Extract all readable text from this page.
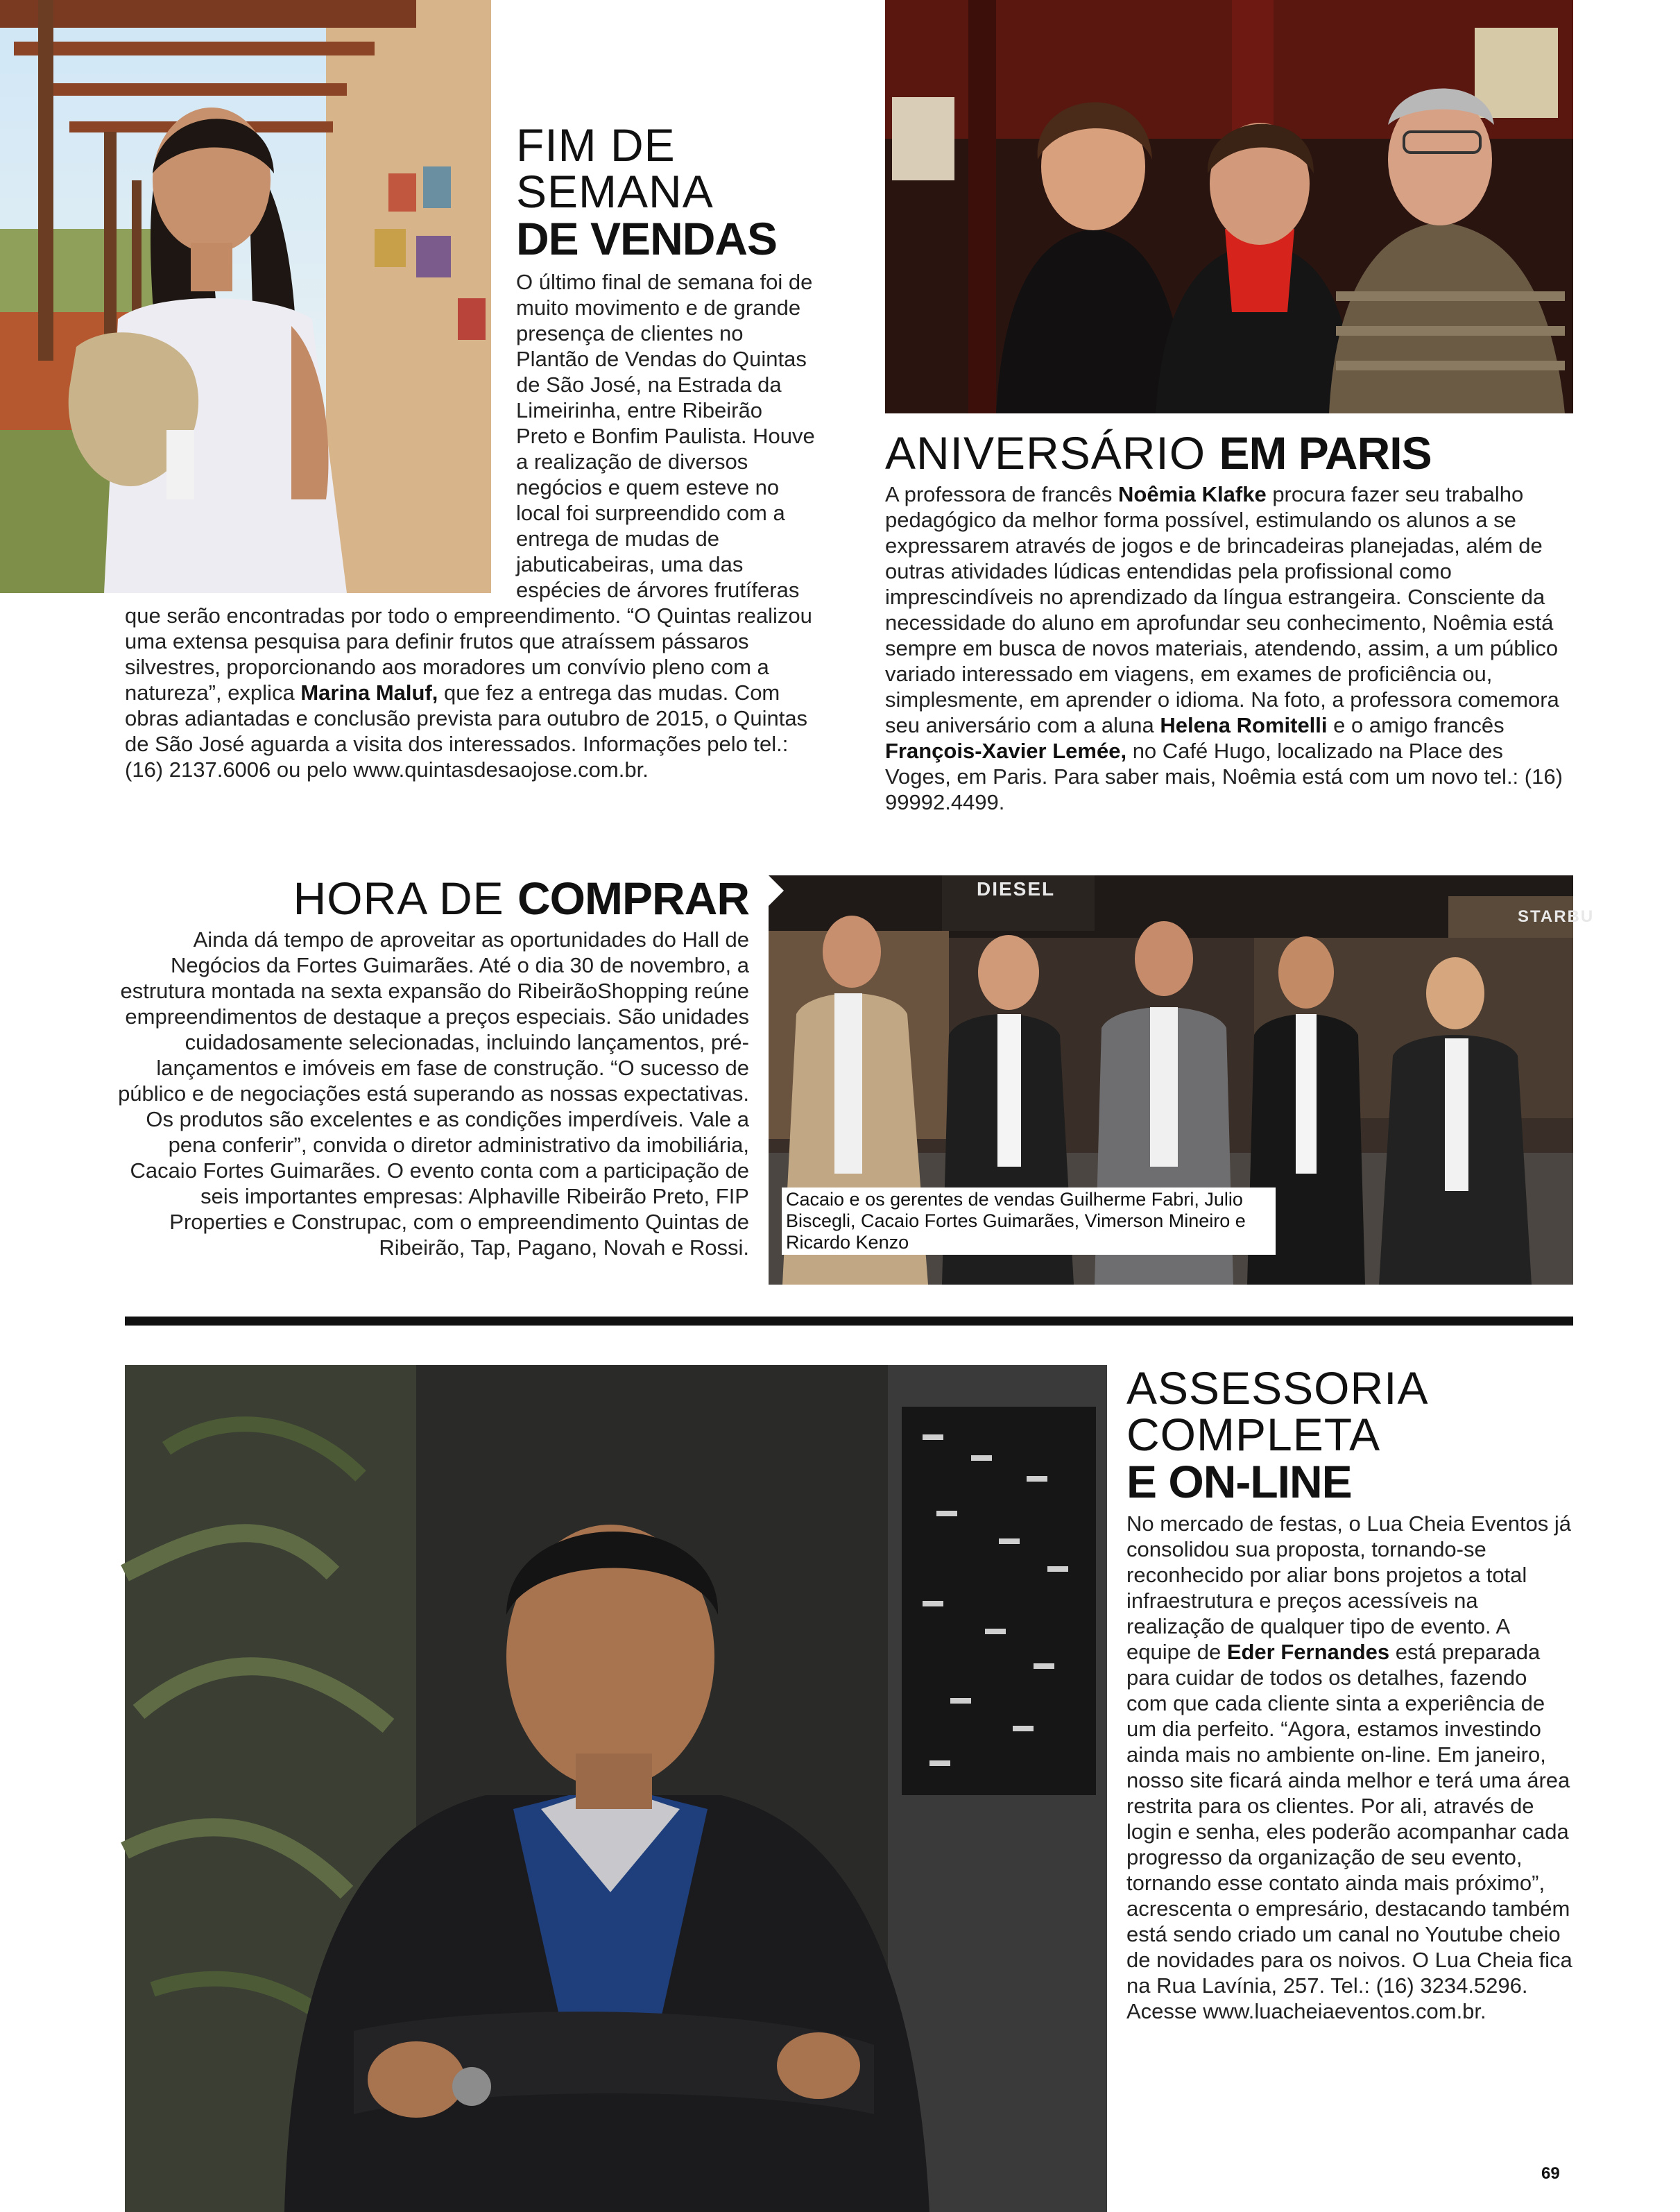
FIM DE
SEMANA
DE VENDAS

O último final de semana foi de muito movimento e de grande presença de clientes no Plantão de Vendas do Quintas de São José, na Estrada da Limeirinha, entre Ribeirão Preto e Bonfim Paulista. Houve a realização de diversos negócios e quem esteve no local foi surpreendido com a entrega de mudas de jabuticabeiras, uma das espécies de árvores frutíferas que serão encontradas por todo o empreendimento. “O Quintas realizou uma extensa pesquisa para definir frutos que atraíssem pássaros silvestres, proporcionando aos moradores um convívio pleno com a natureza”, explica Marina Maluf, que fez a entrega das mudas. Com obras adiantadas e conclusão prevista para outubro de 2015, o Quintas de São José aguarda a visita dos interessados. Informações pelo tel.: (16) 2137.6006 ou pelo www.quintasdesaojose.com.br.

ANIVERSÁRIO EM PARIS

A professora de francês Noêmia Klafke procura fazer seu trabalho pedagógico da melhor forma possível, estimulando os alunos a se expressarem através de jogos e de brincadeiras planejadas, além de outras atividades lúdicas entendidas pela profissional como imprescindíveis no aprendizado da língua estrangeira. Consciente da necessidade do aluno em aprofundar seu conhecimento, Noêmia está sempre em busca de novos materiais, atendendo, assim, a um público variado interessado em viagens, em exames de proficiência ou, simplesmente, em aprender o idioma. Na foto, a professora comemora seu aniversário com a aluna Helena Romitelli e o amigo francês François-Xavier Lemée, no Café Hugo, localizado na Place des Voges, em Paris. Para saber mais, Noêmia está com um novo tel.: (16) 99992.4499.

HORA DE COMPRAR

Ainda dá tempo de aproveitar as oportunidades do Hall de Negócios da Fortes Guimarães. Até o dia 30 de novembro, a estrutura montada na sexta expansão do RibeirãoShopping reúne empreendimentos de destaque a preços especiais. São unidades cuidadosamente selecionadas, incluindo lançamentos, pré-lançamentos e imóveis em fase de construção. “O sucesso de público e de negociações está superando as nossas expectativas. Os produtos são excelentes e as condições imperdíveis. Vale a pena conferir”, convida o diretor administrativo da imobiliária, Cacaio Fortes Guimarães. O evento conta com a participação de seis importantes empresas: Alphaville Ribeirão Preto, FIP Properties e Construpac, com o empreendimento Quintas de Ribeirão, Tap, Pagano, Novah e Rossi.

DIESEL
STARBU
Cacaio e os gerentes de vendas Guilherme Fabri, Julio Biscegli, Cacaio Fortes Guimarães, Vimerson Mineiro e Ricardo Kenzo
ASSESSORIA
COMPLETA
E ON-LINE

No mercado de festas, o Lua Cheia Eventos já consolidou sua proposta, tornando-se reconhecido por aliar bons projetos a total infraestrutura e preços acessíveis na realização de qualquer tipo de evento. A equipe de Eder Fernandes está preparada para cuidar de todos os detalhes, fazendo com que cada cliente sinta a experiência de um dia perfeito. “Agora, estamos investindo ainda mais no ambiente on-line. Em janeiro, nosso site ficará ainda melhor e terá uma área restrita para os clientes. Por ali, através de login e senha, eles poderão acompanhar cada progresso da organização de seu evento, tornando esse contato ainda mais próximo”, acrescenta o empresário, destacando também está sendo criado um canal no Youtube cheio de novidades para os noivos. O Lua Cheia fica na Rua Lavínia, 257. Tel.: (16) 3234.5296. Acesse www.luacheiaeventos.com.br.

69
